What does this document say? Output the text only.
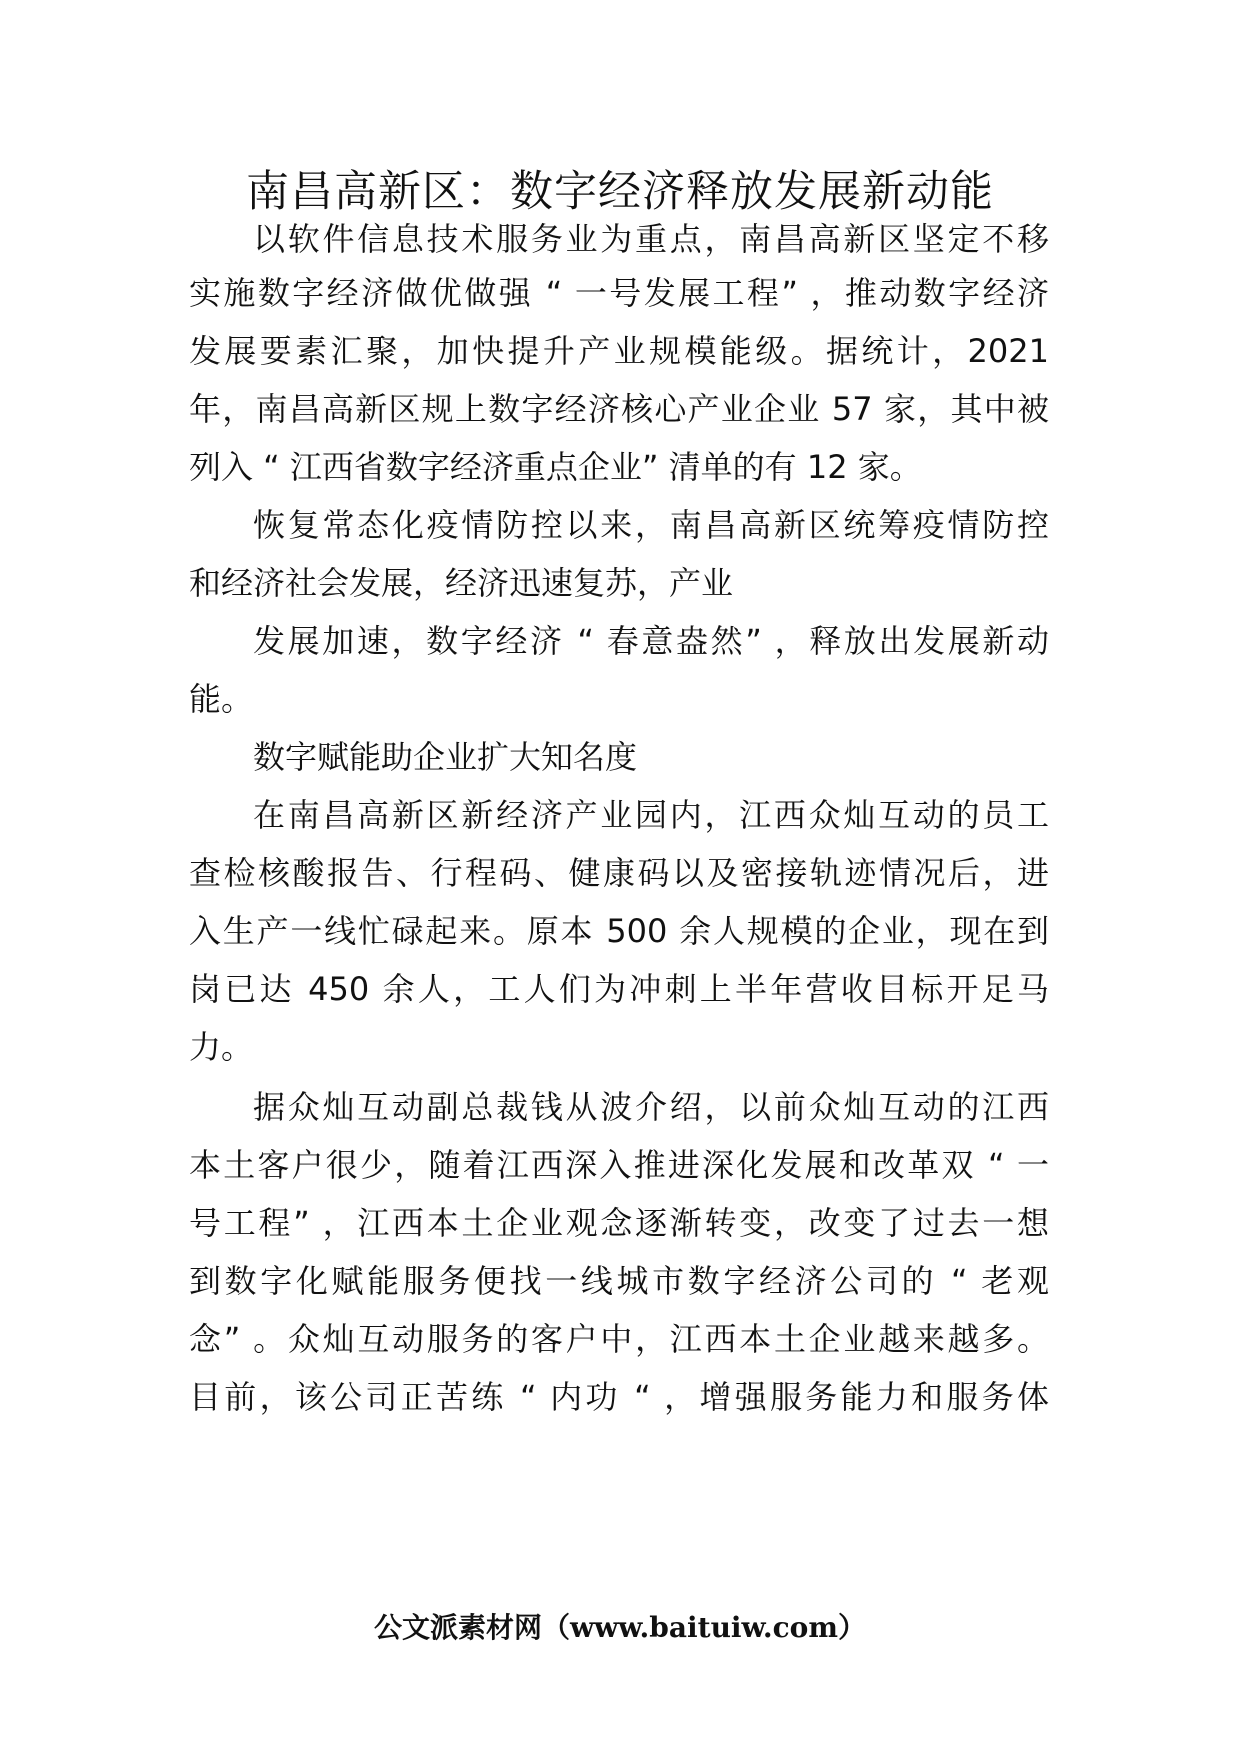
南昌高新区：数字经济释放发展新动能
以软件信息技术服务业为重点，南昌高新区坚定不移
实施数字经济做优做强 “ 一号发展工程” ，推动数字经济
发展要素汇聚，加快提升产业规模能级。据统计，2021
年，南昌高新区规上数字经济核心产业企业 57 家，其中被
列入 “ 江西省数字经济重点企业” 清单的有 12 家。
恢复常态化疫情防控以来，南昌高新区统筹疫情防控
和经济社会发展，经济迅速复苏，产业
发展加速，数字经济 “ 春意盎然” ，释放出发展新动
能。
数字赋能助企业扩大知名度
在南昌高新区新经济产业园内，江西众灿互动的员工
查检核酸报告、行程码、健康码以及密接轨迹情况后，进
入生产一线忙碌起来。原本 500 余人规模的企业，现在到
岗已达 450 余人，工人们为冲刺上半年营收目标开足马
力。
据众灿互动副总裁钱从波介绍，以前众灿互动的江西
本土客户很少，随着江西深入推进深化发展和改革双 “ 一
号工程” ，江西本土企业观念逐渐转变，改变了过去一想
到数字化赋能服务便找一线城市数字经济公司的 “ 老观
念” 。众灿互动服务的客户中，江西本土企业越来越多。
目前，该公司正苦练 “ 内功 “ ，增强服务能力和服务体
公文派素材网（www.baituiw.com）
